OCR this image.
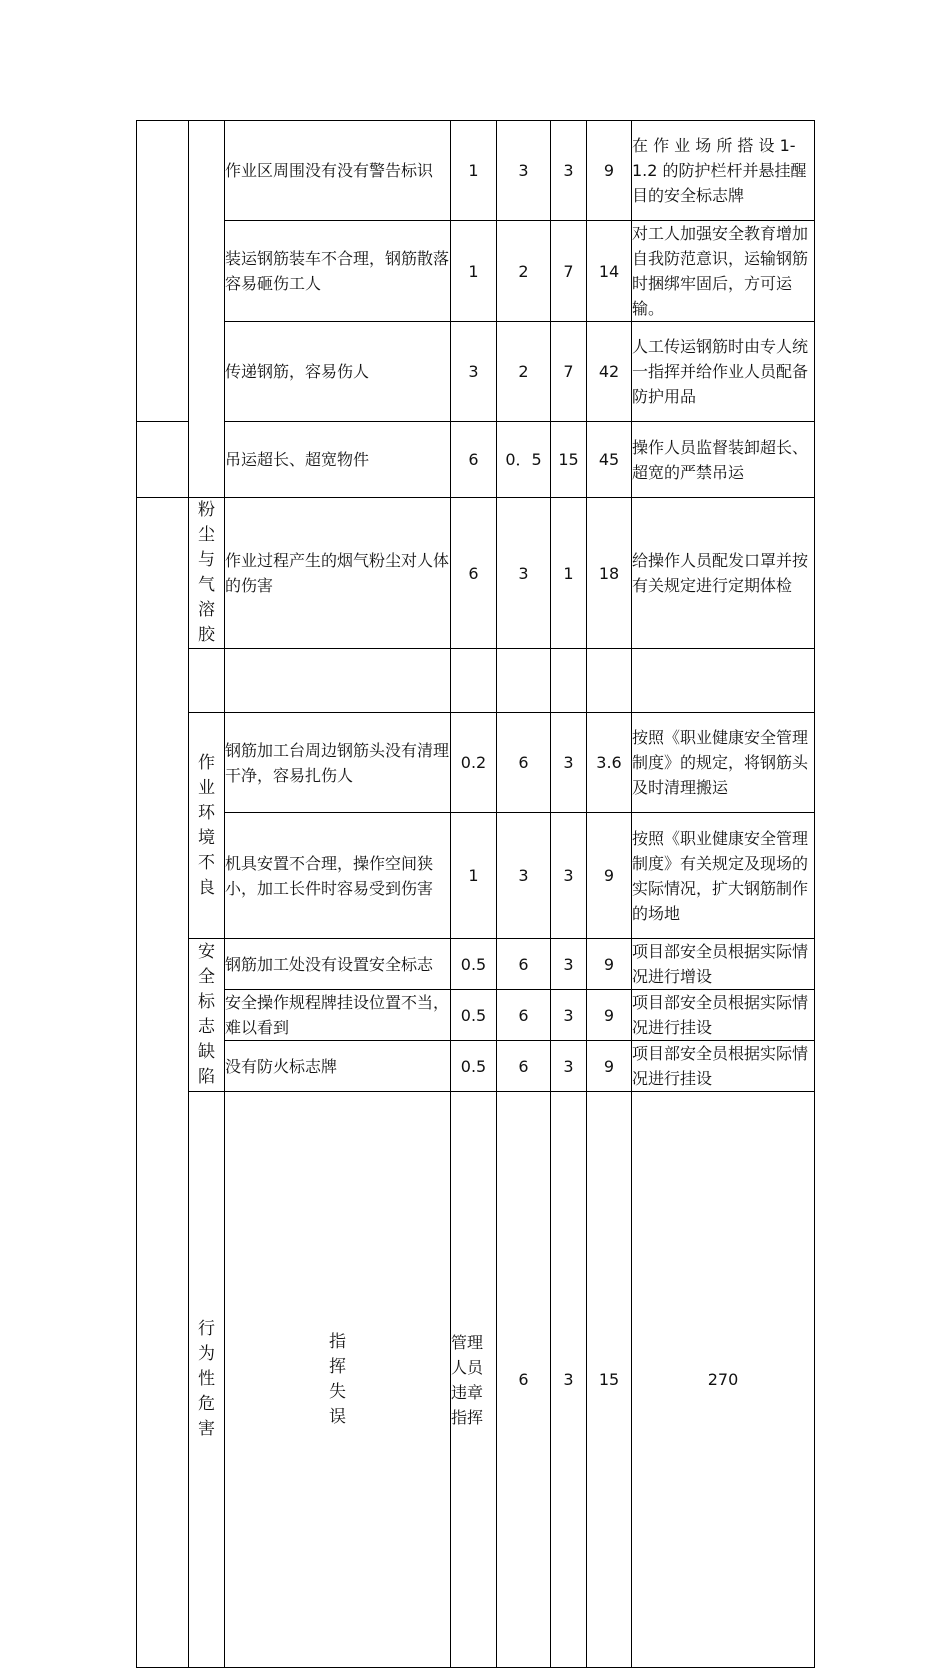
		作业区周围没有没有警告标识	1	3	3	9	在 作 业 场 所 搭 设 1-1.2 的防护栏杆并悬挂醒目的安全标志牌	
		装运钢筋装车不合理，钢筋散落容易砸伤工人	1	2	7	14	对工人加强安全教育增加自我防范意识，运输钢筋时捆绑牢固后，方可运输。	
		传递钢筋，容易伤人	3	2	7	42	人工传运钢筋时由专人统一指挥并给作业人员配备防护用品	
		吊运超长、超宽物件	6	0．5	15	45	操作人员监督装卸超长、超宽的严禁吊运	
	粉尘与气溶胶	作业过程产生的烟气粉尘对人体的伤害	6	3	1	18	给操作人员配发口罩并按有关规定进行定期体检	

	作业环境不良	钢筋加工台周边钢筋头没有清理干净，容易扎伤人	0.2	6	3	3.6	按照《职业健康安全管理制度》的规定，将钢筋头及时清理搬运	
		机具安置不合理，操作空间狭小，加工长件时容易受到伤害	1	3	3	9	按照《职业健康安全管理制度》有关规定及现场的实际情况，扩大钢筋制作的场地	
	安全标志缺陷	钢筋加工处没有设置安全标志	0.5	6	3	9	项目部安全员根据实际情况进行增设	
		安全操作规程牌挂设位置不当，难以看到	0.5	6	3	9	项目部安全员根据实际情况进行挂设	
		没有防火标志牌	0.5	6	3	9	项目部安全员根据实际情况进行挂设	
	行为性危害	指挥失误	管理人员违章指挥	6	3	15	270	
